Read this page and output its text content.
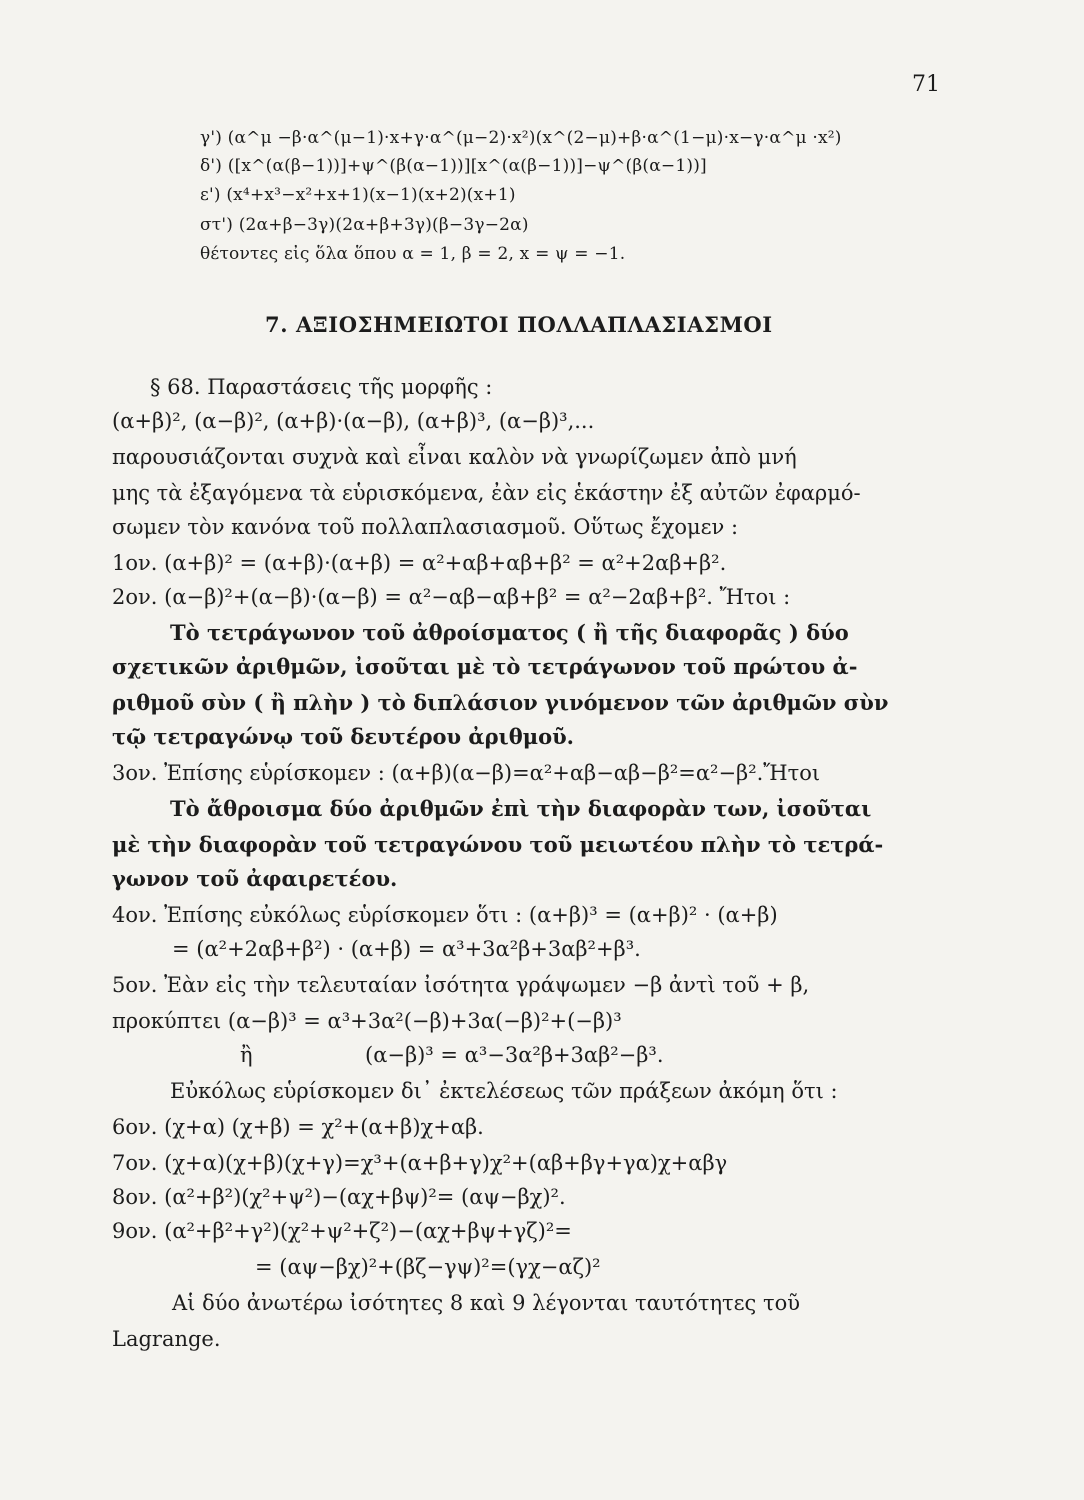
71
γ') (α^μ −β·α^(μ−1)·x+γ·α^(μ−2)·x²)(x^(2−μ)+β·α^(1−μ)·x−γ·α^μ ·x²)
δ') ([x^(α(β−1))]+ψ^(β(α−1))][x^(α(β−1))]−ψ^(β(α−1))]
ε') (x⁴+x³−x²+x+1)(x−1)(x+2)(x+1)
στ') (2α+β−3γ)(2α+β+3γ)(β−3γ−2α)
θέτοντες εἰς ὅλα ὅπου α = 1, β = 2, x = ψ = −1.
7. ΑΞΙΟΣΗΜΕΙΩΤΟΙ ΠΟΛΛΑΠΛΑΣΙΑΣΜΟΙ
§ 68. Παραστάσεις τῆς μορφῆς :
(α+β)², (α−β)², (α+β)·(α−β), (α+β)³, (α−β)³,...
παρουσιάζονται συχνὰ καὶ εἶναι καλὸν νὰ γνωρίζωμεν ἀπὸ μνή
μης τὰ ἐξαγόμενα τὰ εὑρισκόμενα, ἐὰν εἰς ἑκάστην ἐξ αὐτῶν ἐφαρμό-
σωμεν τὸν κανόνα τοῦ πολλαπλασιασμοῦ. Οὕτως ἔχομεν :
1ον. (α+β)² = (α+β)·(α+β) = α²+αβ+αβ+β² = α²+2αβ+β².
2ον. (α−β)²+(α−β)·(α−β) = α²−αβ−αβ+β² = α²−2αβ+β². Ἤτοι :
Τὸ τετράγωνον τοῦ ἀθροίσματος ( ἢ τῆς διαφορᾶς ) δύο
σχετικῶν ἀριθμῶν, ἰσοῦται μὲ τὸ τετράγωνον τοῦ πρώτου ἀ-
ριθμοῦ σὺν ( ἢ πλὴν ) τὸ διπλάσιον γινόμενον τῶν ἀριθμῶν σὺν
τῷ τετραγώνῳ τοῦ δευτέρου ἀριθμοῦ.
3ον. Ἐπίσης εὑρίσκομεν : (α+β)(α−β)=α²+αβ−αβ−β²=α²−β².Ἤτοι
Τὸ ἄθροισμα δύο ἀριθμῶν ἐπὶ τὴν διαφορὰν των, ἰσοῦται
μὲ τὴν διαφορὰν τοῦ τετραγώνου τοῦ μειωτέου πλὴν τὸ τετρά-
γωνον τοῦ ἀφαιρετέου.
4ον. Ἐπίσης εὐκόλως εὑρίσκομεν ὅτι : (α+β)³ = (α+β)² · (α+β)
= (α²+2αβ+β²) · (α+β) = α³+3α²β+3αβ²+β³.
5ον. Ἐὰν εἰς τὴν τελευταίαν ἰσότητα γράψωμεν −β ἀντὶ τοῦ + β,
προκύπτει (α−β)³ = α³+3α²(−β)+3α(−β)²+(−β)³
ἢ	(α−β)³ = α³−3α²β+3αβ²−β³.
Εὐκόλως εὑρίσκομεν δι᾽ ἐκτελέσεως τῶν πράξεων ἀκόμη ὅτι :
6ον. (χ+α) (χ+β) = χ²+(α+β)χ+αβ.
7ον. (χ+α)(χ+β)(χ+γ)=χ³+(α+β+γ)χ²+(αβ+βγ+γα)χ+αβγ
8ον. (α²+β²)(χ²+ψ²)−(αχ+βψ)²= (αψ−βχ)².
9ον. (α²+β²+γ²)(χ²+ψ²+ζ²)−(αχ+βψ+γζ)²=
= (αψ−βχ)²+(βζ−γψ)²=(γχ−αζ)²
Αἱ δύο ἀνωτέρω ἰσότητες 8 καὶ 9 λέγονται ταυτότητες τοῦ
Lagrange.
